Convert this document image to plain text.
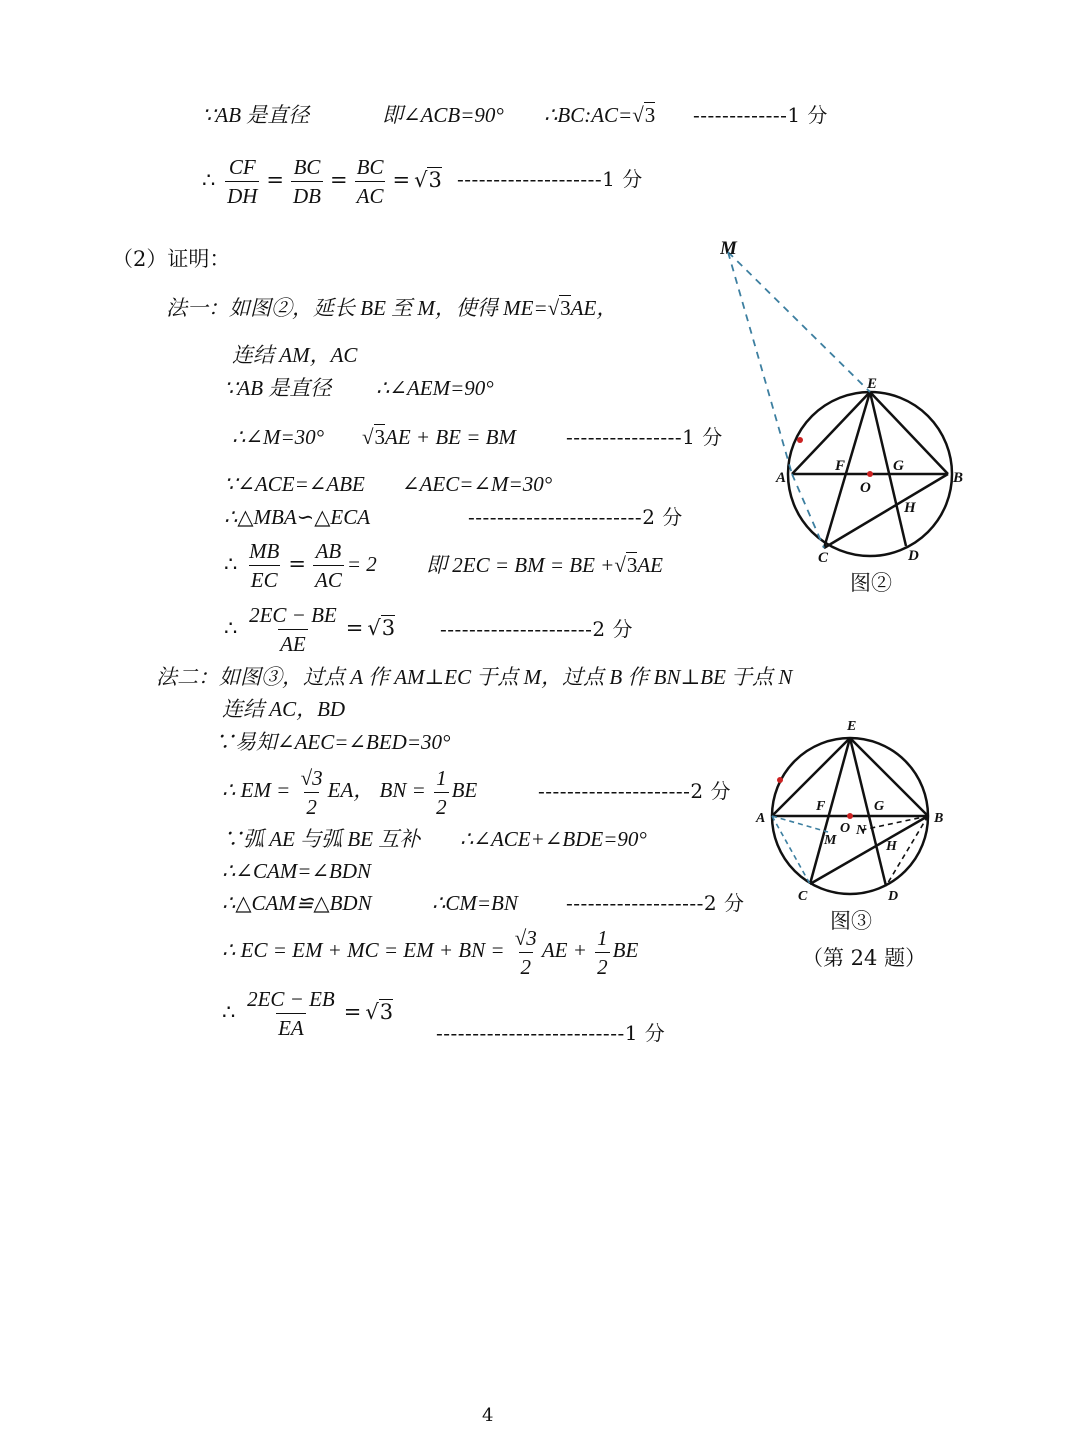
∵AB 是直径	即∠ACB=90° ∴BC:AC=√3 -------------1 分
∴ $\frac{CF}{DH} = \frac{BC}{DB} = \frac{BC}{AC} = √3$ --------------------1 分
（2）证明：
法一：如图②，延长 BE 至 M，使得 ME=√3AE，
连结 AM，AC
∵AB 是直径 ∴∠AEM=90°
∴∠M=30° √3AE + BE = BM ----------------1 分
∵∠ACE=∠ABE ∠AEC=∠M=30°
∴△MBA∽△ECA	------------------------2 分
∴ $\frac{MB}{EC} = \frac{AB}{AC} = 2$ 即 2EC = BM = BE +√3AE
∴ $\frac{2EC - BE}{AE} = √3$ ---------------------2 分
法二：如图③，过点 A 作 AM⊥EC 于点 M，过点 B 作 BN⊥BE 于点 N
连结 AC，BD
∵易知∠AEC=∠BED=30°
∴ EM = $\frac{√3}{2}$ EA， BN = $\frac{1}{2}$ BE	---------------------2 分
∵弧 AE 与弧 BE 互补 ∴∠ACE+∠BDE=90°
∴∠CAM=∠BDN
∴△CAM≌△BDN	∴CM=BN -------------------2 分
∴ EC = EM + MC = EM + BN = $\frac{√3}{2}$ AE + $\frac{1}{2}$ BE
∴ $\frac{2EC - EB}{EA} = √3$
--------------------------1 分
M
E
A	B
C	D
F	G
O
H
图②
E
A	B
C	D
F	G
O N
M	H
图③
（第 24 题）
4
